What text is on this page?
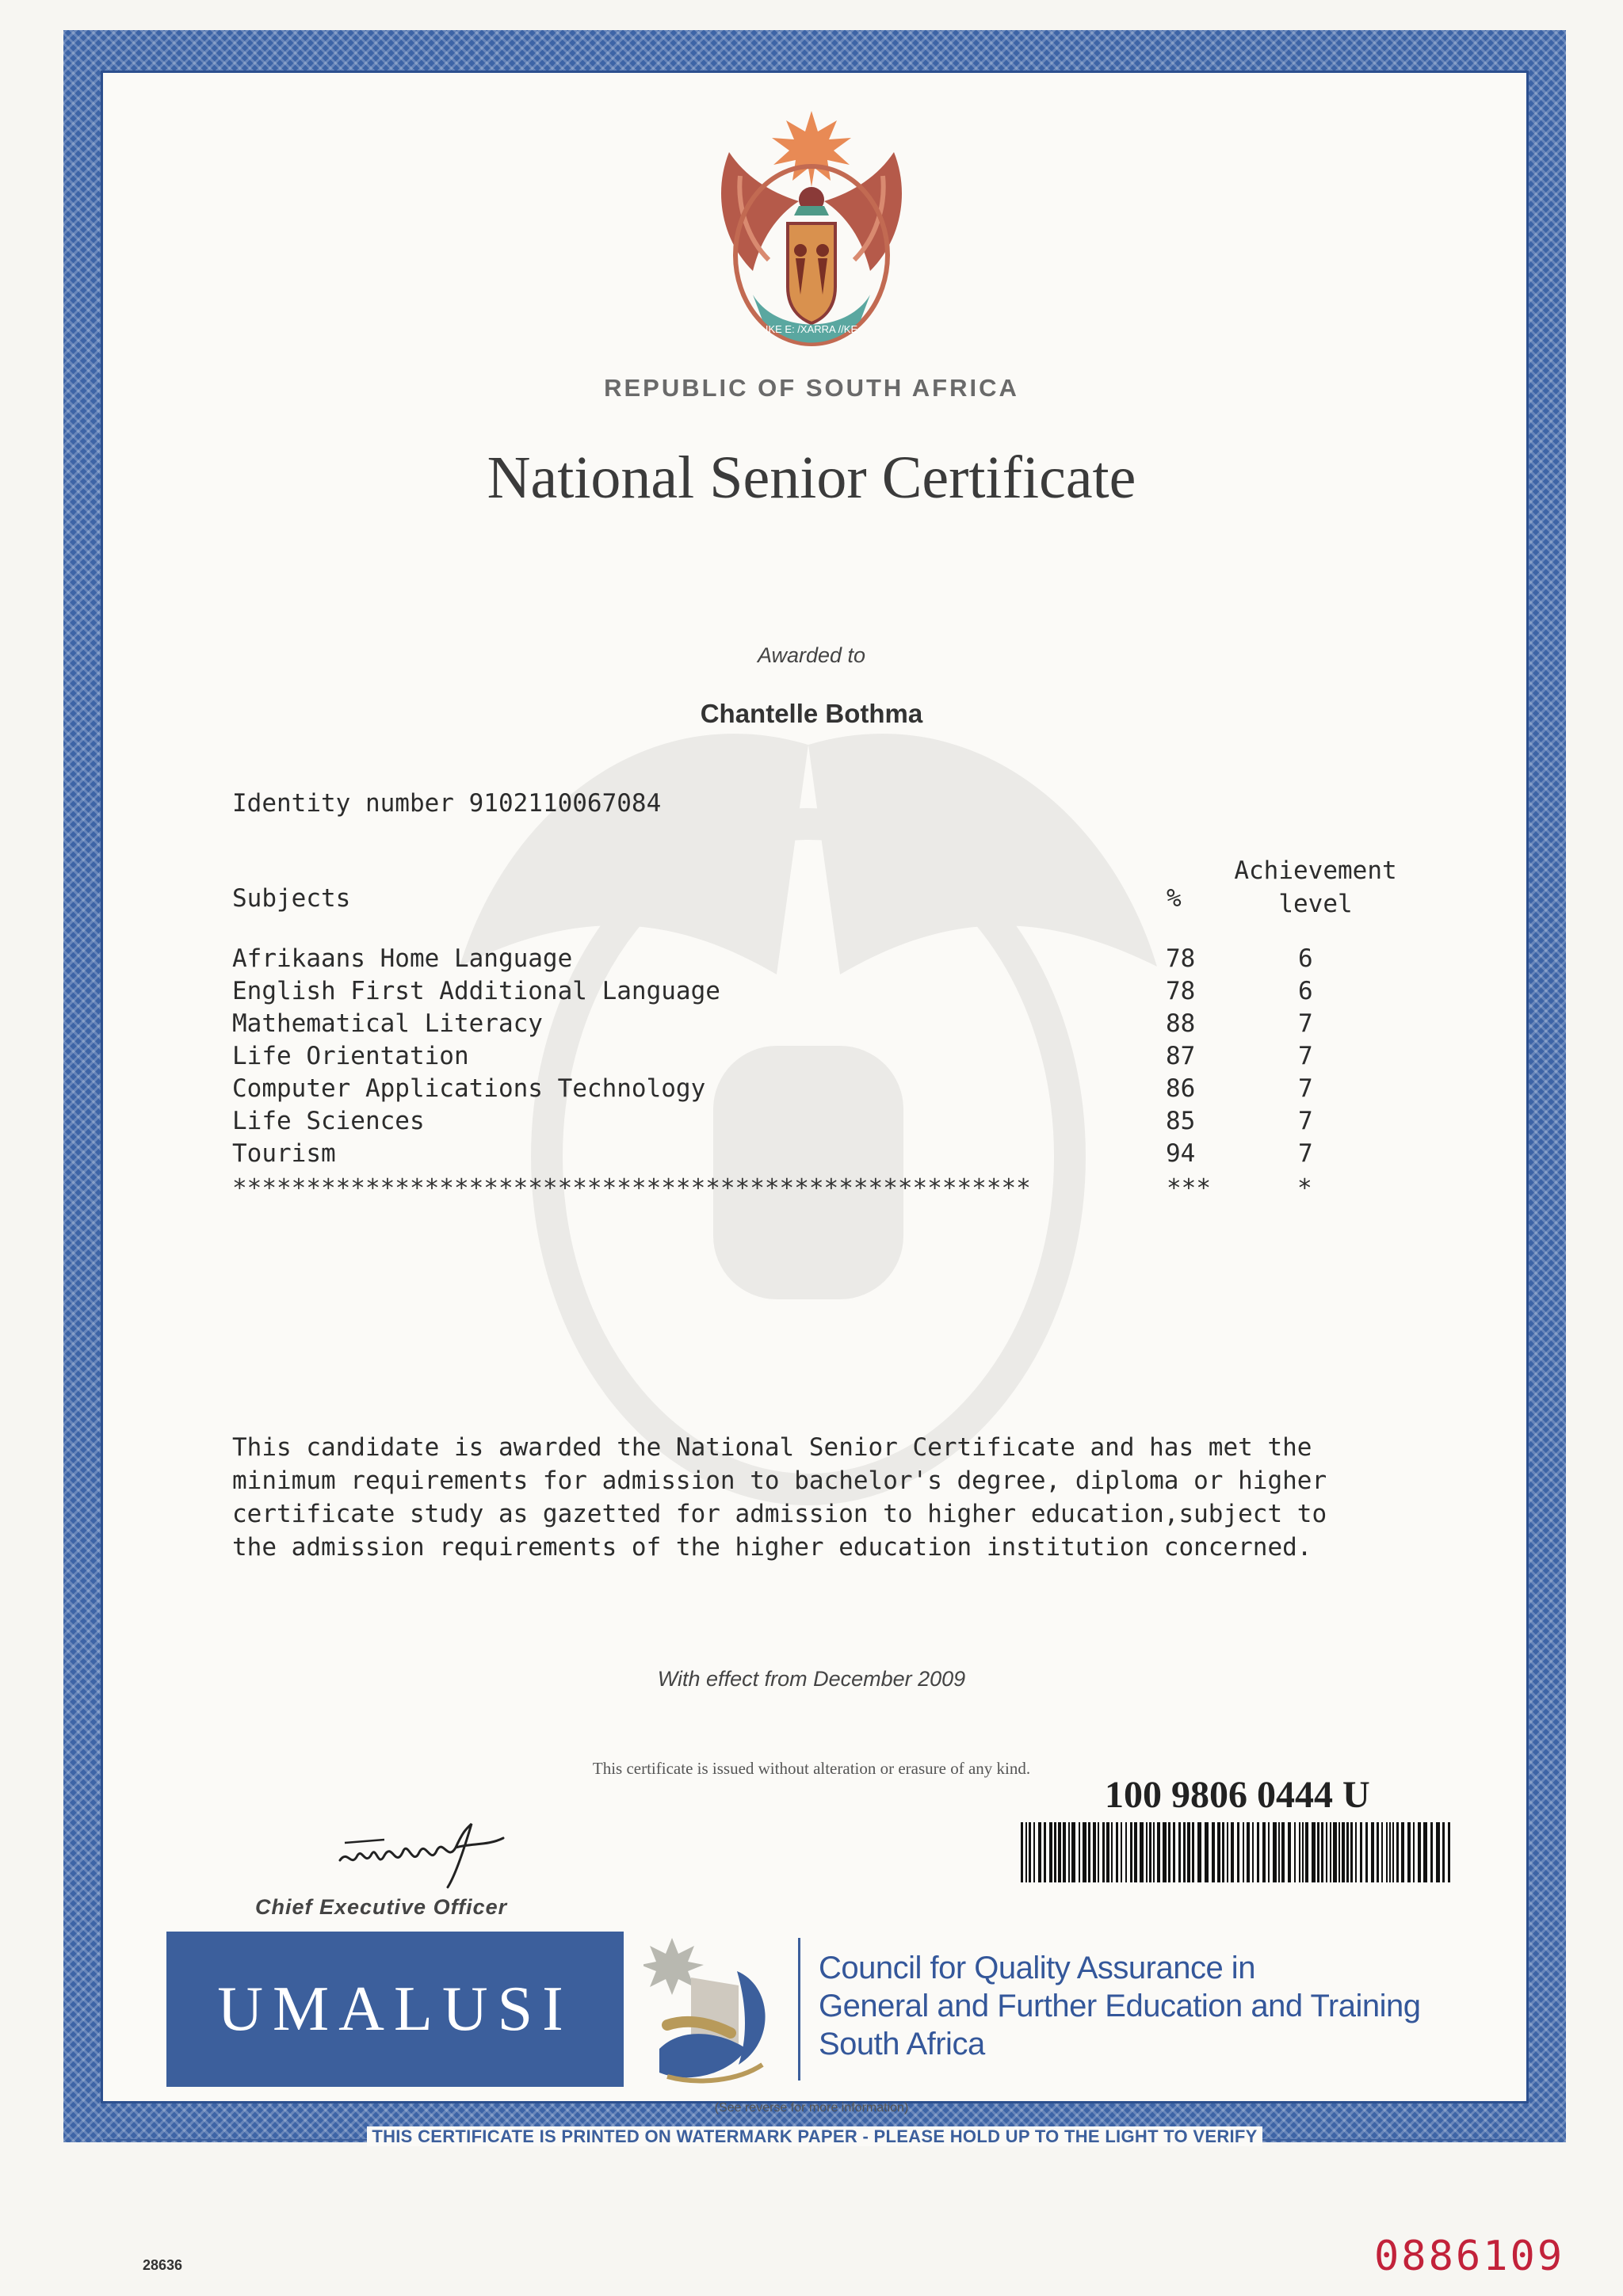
!KE E: /XARRA //KE
REPUBLIC OF SOUTH AFRICA
National Senior Certificate
Awarded to
Chantelle Bothma
Identity number 9102110067084
Subjects	%
Achievement
level
Afrikaans Home Language	78	6
English First Additional Language	78	6
Mathematical Literacy	88	7
Life Orientation	87	7
Computer Applications Technology	86	7
Life Sciences	85	7
Tourism	94	7
******************************************************	***	*
This candidate is awarded the National Senior Certificate and has met the
minimum requirements for admission to bachelor's degree, diploma or higher
certificate study as gazetted for admission to higher education,subject to
the admission requirements of the higher education institution concerned.
With effect from December 2009
This certificate is issued without alteration or erasure of any kind.
100 9806 0444 U
Chief Executive Officer
UMALUSI
Council for Quality Assurance in
General and Further Education and Training
South Africa
(See reverse for more information)
THIS CERTIFICATE IS PRINTED ON WATERMARK PAPER - PLEASE HOLD UP TO THE LIGHT TO VERIFY
28636	0886109
